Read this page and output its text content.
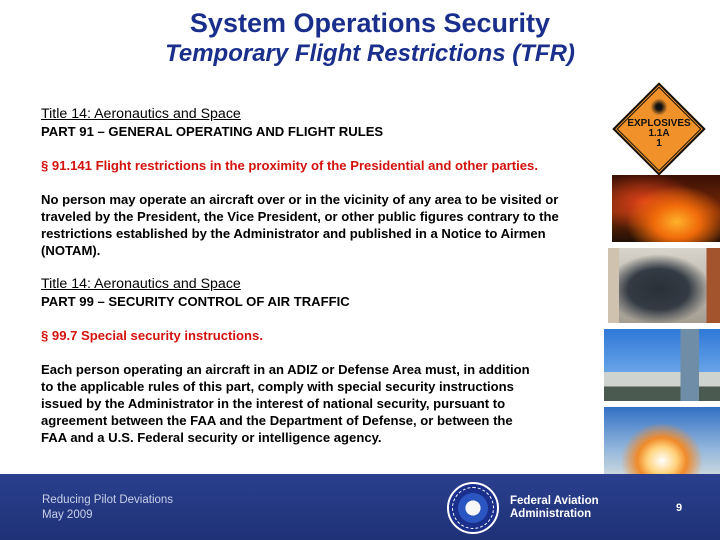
System Operations Security
Temporary Flight Restrictions (TFR)

Title 14: Aeronautics and Space

PART 91 – GENERAL OPERATING AND FLIGHT RULES

§ 91.141 Flight restrictions in the proximity of the Presidential and other parties.

No person may operate an aircraft over or in the vicinity of any area to be visited or traveled by the President, the Vice President, or other public figures contrary to the restrictions established by the Administrator and published in a Notice to Airmen (NOTAM).

Title 14: Aeronautics and Space

PART 99 – SECURITY CONTROL OF AIR TRAFFIC

§ 99.7 Special security instructions.

Each person operating an aircraft in an ADIZ or Defense Area must, in addition to the applicable rules of this part, comply with special security instructions issued by the Administrator in the interest of national security, pursuant to agreement between the FAA and the Department of Defense, or between the FAA and a U.S. Federal security or intelligence agency.

EXPLOSIVES
1.1A
1
Reducing Pilot Deviations
May 2009
Federal Aviation
Administration	9
